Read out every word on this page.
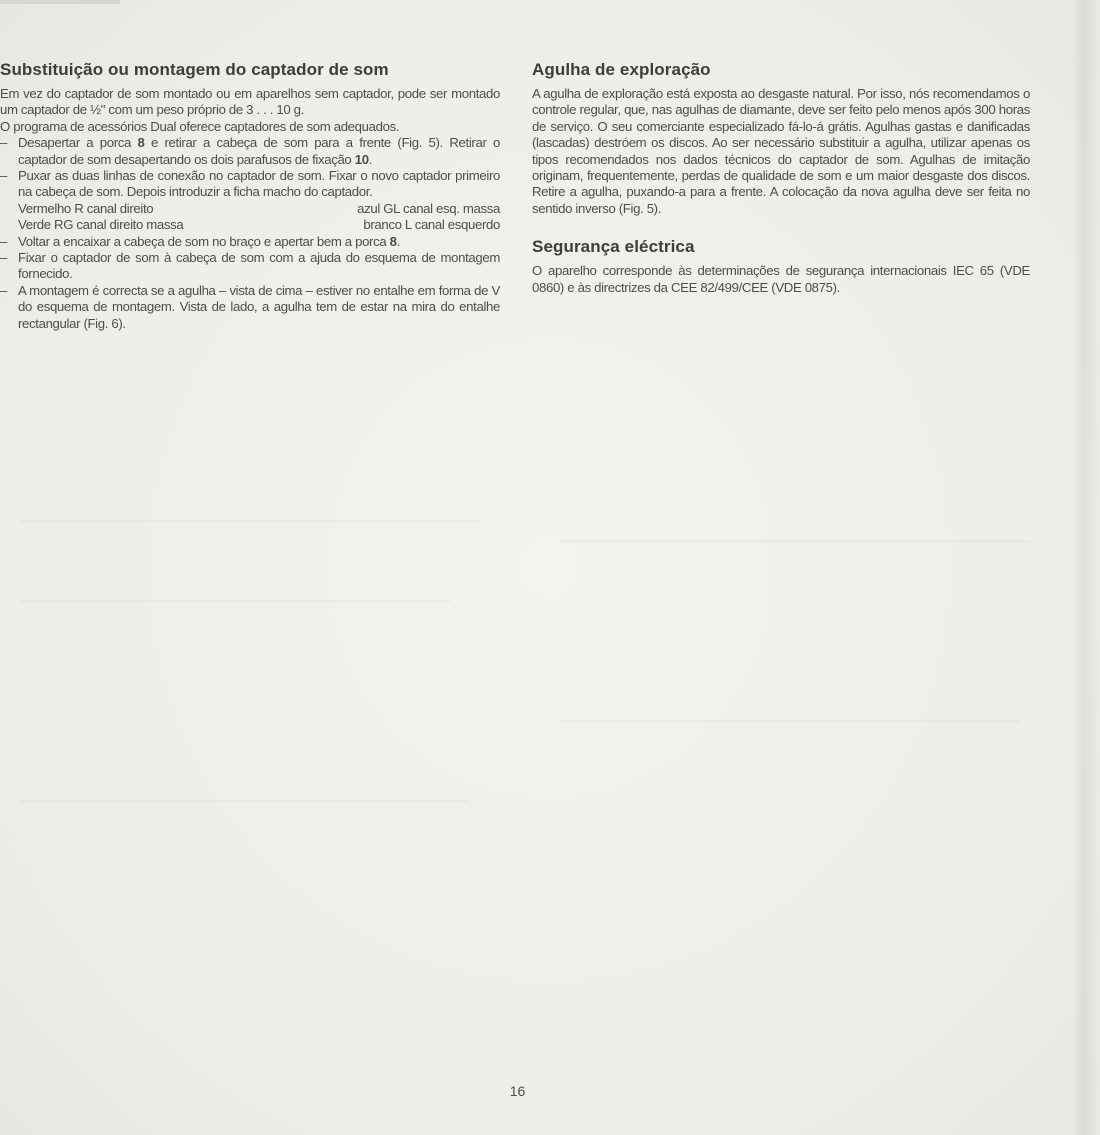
Substituição ou montagem do captador de som

Em vez do captador de som montado ou em aparelhos sem captador, pode ser montado um captador de ½" com um peso próprio de 3 . . . 10 g.

O programa de acessórios Dual oferece captadores de som adequados.

– Desapertar a porca 8 e retirar a cabeça de som para a frente (Fig. 5). Retirar o captador de som desapertando os dois parafusos de fixação 10.
– Puxar as duas linhas de conexão no captador de som. Fixar o novo captador primeiro na cabeça de som. Depois introduzir a ficha macho do captador.
Vermelho R canal direito	azul GL canal esq. massa
Verde RG canal direito massa	branco L canal esquerdo
– Voltar a encaixar a cabeça de som no braço e apertar bem a porca 8.
– Fixar o captador de som à cabeça de som com a ajuda do esquema de montagem fornecido.
– A montagem é correcta se a agulha – vista de cima – estiver no entalhe em forma de V do esquema de montagem. Vista de lado, a agulha tem de estar na mira do entalhe rectangular (Fig. 6).
Agulha de exploração

A agulha de exploração está exposta ao desgaste natural. Por isso, nós recomendamos o controle regular, que, nas agulhas de diamante, deve ser feito pelo menos após 300 horas de serviço. O seu comerciante especializado fá-lo-á grátis. Agulhas gastas e danificadas (lascadas) destróem os discos. Ao ser necessário substituir a agulha, utilizar apenas os tipos recomendados nos dados técnicos do captador de som. Agulhas de imitação originam, frequentemente, perdas de qualidade de som e um maior desgaste dos discos. Retire a agulha, puxando-a para a frente. A colocação da nova agulha deve ser feita no sentido inverso (Fig. 5).

Segurança eléctrica

O aparelho corresponde às determinações de segurança internacionais IEC 65 (VDE 0860) e às directrizes da CEE 82/499/CEE (VDE 0875).

16
